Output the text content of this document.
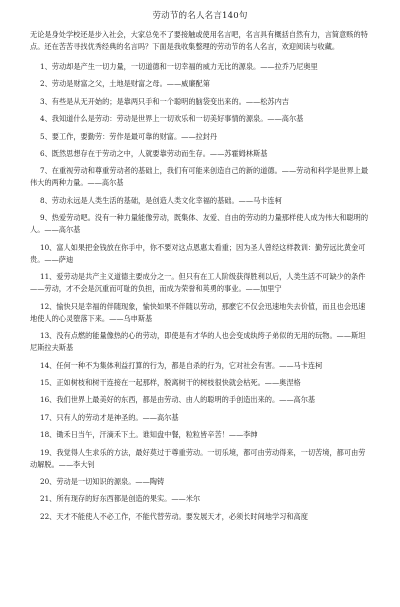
劳动节的名人名言140句
无论是身处学校还是步入社会，大家总免不了要接触或使用名言吧，名言具有概括自然有力，言简意赅的特点。还在苦苦寻找优秀经典的名言吗？下面是我收集整理的劳动节的名人名言，欢迎阅读与收藏。
1、劳动却是产生一切力量，一切道德和一切幸福的威力无比的源泉。——拉乔乃尼奥里
2、劳动是财富之父，土地是财富之母。——威廉配第
3、有些是从无开始的；是靠两只手和一个聪明的脑袋变出来的。——松苏内吉
4、我知道什么是劳动：劳动是世界上一切欢乐和一切美好事情的源泉。——高尔基
5、要工作，要勤劳：劳作是最可靠的财富。——拉封丹
6、既然思想存在于劳动之中，人就要靠劳动而生存。——苏霍姆林斯基
7、在重视劳动和尊重劳动者的基础上，我们有可能来创造自己的新的道德。——劳动和科学是世界上最伟大的两种力量。——高尔基
8、劳动永远是人类生活的基础，是创造人类文化幸福的基础。——马卡连柯
9、热爱劳动吧。没有一种力量能像劳动，既集体、友爱、自由的劳动的力量那样使人成为伟大和聪明的人。——高尔基
10、富人如果把金钱放在你手中，你不要对这点恩惠太看重；因为圣人曾经这样教训：勤劳远比黄金可贵。——萨迪
11、爱劳动是共产主义道德主要成分之一。但只有在工人阶级获得胜利以后，人类生活不可缺少的条件——劳动，才不会是沉重而可耻的负担，而成为荣誉和英勇的事业。——加里宁
12、愉快只是幸福的伴随现象，愉快如果不伴随以劳动，那麽它不仅会迅速地失去价值，而且也会迅速地使人的心灵堕落下来。——乌申斯基
13、没有点燃的能量像热的心的劳动，即使是有才华的人也会变成纨绔子弟似的无用的玩物。——斯坦尼斯拉夫斯基
14、任何一种不为集体利益打算的行为，都是自杀的行为，它对社会有害。——马卡连柯
15、正如树枝和树干连接在一起那样，脱离树干的树枝很快就会枯死。——奥涅格
16、我们世界上最美好的东西，都是由劳动、由人的聪明的手创造出来的。——高尔基
17、只有人的劳动才是神圣的。——高尔基
18、锄禾日当午，汗滴禾下土。谁知盘中餐，粒粒皆辛苦！——李绅
19、我觉得人生求乐的方法，最好莫过于尊重劳动。一切乐境，都可由劳动得来，一切苦境，都可由劳动解脱。——李大钊
20、劳动是一切知识的源泉。——陶铸
21、所有现存的好东西都是创造的果实。——米尔
22、天才不能使人不必工作，不能代替劳动。要发展天才，必须长时间地学习和高度
